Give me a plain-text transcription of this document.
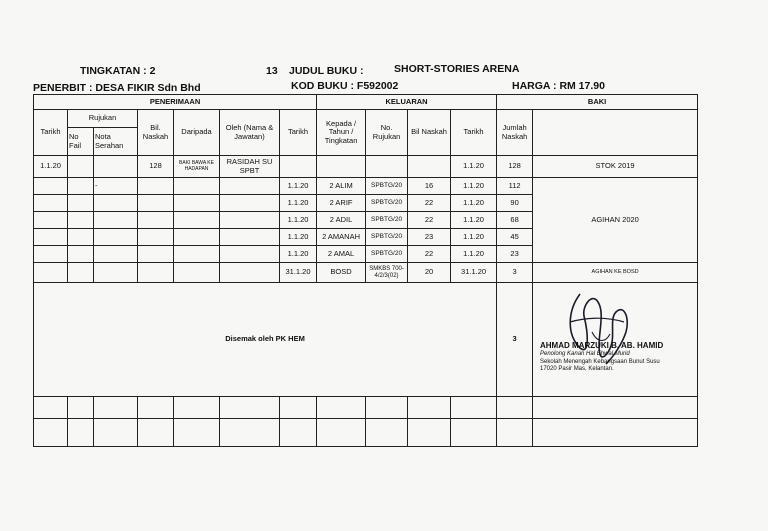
TINGKATAN : 2	13 JUDUL BUKU :	SHORT-STORIES ARENA
PENERBIT : DESA FIKIR Sdn Bhd	KOD BUKU : F592002	HARGA : RM 17.90
PENERIMAAN							KELUARAN				BAKI	
Tarikh	Rujukan		Bil. Naskah	Daripada	Oleh (Nama & Jawatan)	Tarikh	Kepada / Tahun / Tingkatan	No. Rujukan	Bil Naskah	Tarikh	Jumlah Naskah		
	No Fail	Nota Serahan											
1.1.20			128	BAKI BAWA KE HADAPAN	RASIDAH SU SPBT					1.1.20	128	STOK 2019	
		-				1.1.20	2 ALIM	SPBTG/20	16	1.1.20	112	AGIHAN 2020	
						1.1.20	2 ARIF	SPBTG/20	22	1.1.20	90		
						1.1.20	2 ADIL	SPBTG/20	22	1.1.20	68		
						1.1.20	2 AMANAH	SPBTG/20	23	1.1.20	45		
						1.1.20	2 AMAL	SPBTG/20	22	1.1.20	23		
						31.1.20	BOSD	SMKBS 700-4/2/3(02)	20	31.1.20	3	AGIHAN KE BOSD	
Disemak oleh PK HEM											3		

AHMAD MARZUKI B. AB. HAMID
Penolong Kanan Hal Ehwal Murid
Sekolah Menengah Kebangsaan Bunut Susu
17020 Pasir Mas, Kelantan.
